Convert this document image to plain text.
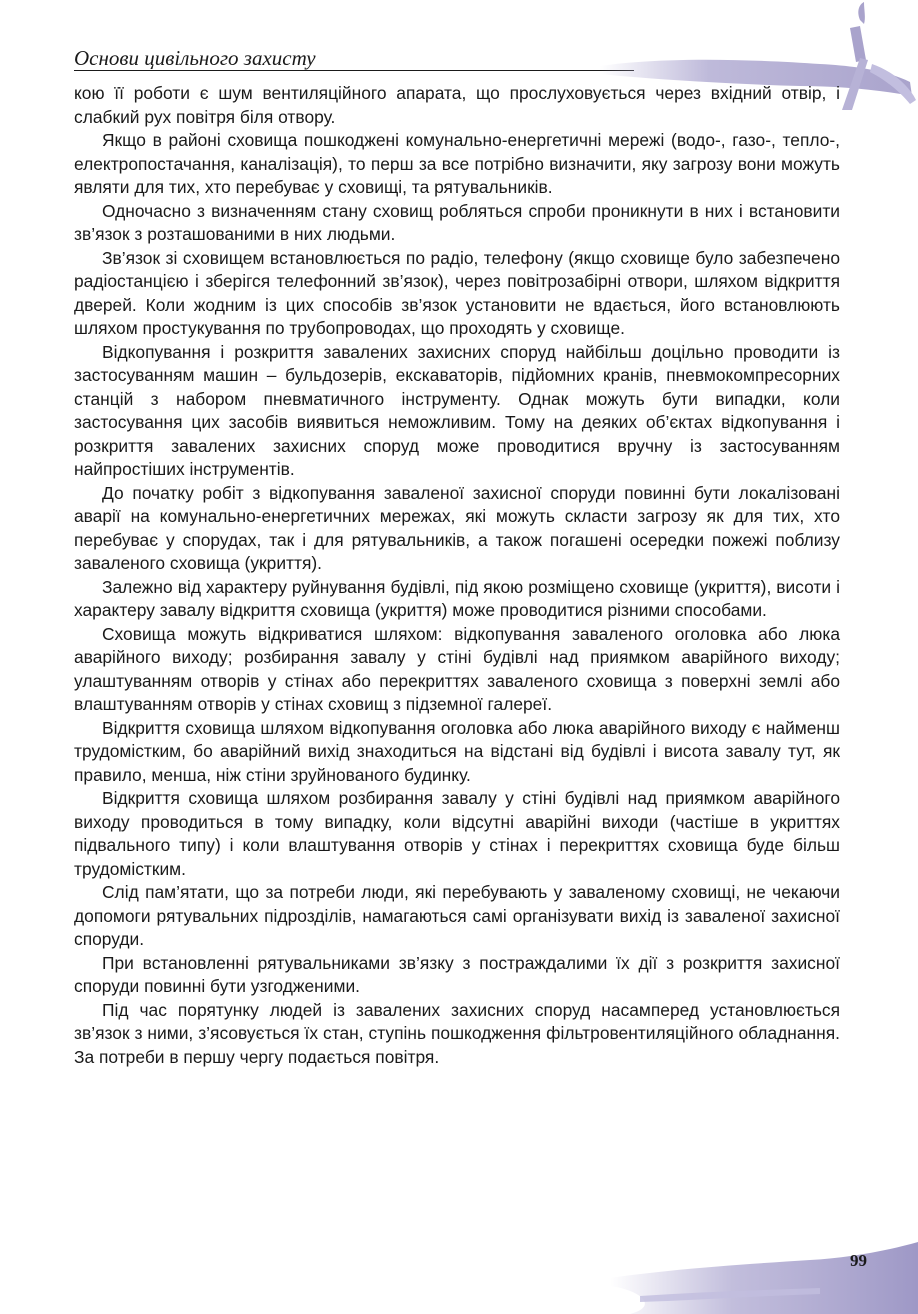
Основи цивільного захисту

кою її роботи є шум вентиляційного апарата, що прослуховується через вхідний отвір, і слабкий рух повітря біля отвору.

Якщо в районі сховища пошкоджені комунально-енергетичні мережі (водо-, газо-, тепло-, електропостачання, каналізація), то перш за все потрібно визначити, яку загрозу вони можуть являти для тих, хто перебуває у сховищі, та рятувальників.

Одночасно з визначенням стану сховищ робляться спроби проникнути в них і встановити зв’язок з розташованими в них людьми.

Зв’язок зі сховищем встановлюється по радіо, телефону (якщо сховище було забезпечено радіостанцією і зберігся телефонний зв’язок), через повітрозабірні отвори, шляхом відкриття дверей. Коли жодним із цих способів зв’язок установити не вдається, його встановлюють шляхом простукування по трубопроводах, що проходять у сховище.

Відкопування і розкриття завалених захисних споруд найбільш доцільно проводити із застосуванням машин – бульдозерів, екскаваторів, підйомних кранів, пневмокомпресорних станцій з набором пневматичного інструменту. Однак можуть бути випадки, коли застосування цих засобів виявиться неможливим. Тому на деяких об’єктах відкопування і розкриття завалених захисних споруд може проводитися вручну із застосуванням найпростіших інструментів.

До початку робіт з відкопування заваленої захисної споруди повинні бути локалізовані аварії на комунально-енергетичних мережах, які можуть скласти загрозу як для тих, хто перебуває у спорудах, так і для рятувальників, а також погашені осередки пожежі поблизу заваленого сховища (укриття).

Залежно від характеру руйнування будівлі, під якою розміщено сховище (укриття), висоти і характеру завалу відкриття сховища (укриття) може проводитися різними способами.

Сховища можуть відкриватися шляхом: відкопування заваленого оголовка або люка аварійного виходу; розбирання завалу у стіні будівлі над приямком аварійного виходу; улаштуванням отворів у стінах або перекриттях заваленого сховища з поверхні землі або влаштуванням отворів у стінах сховищ з підземної галереї.

Відкриття сховища шляхом відкопування оголовка або люка аварійного виходу є найменш трудомістким, бо аварійний вихід знаходиться на відстані від будівлі і висота завалу тут, як правило, менша, ніж стіни зруйнованого будинку.

Відкриття сховища шляхом розбирання завалу у стіні будівлі над приямком аварійного виходу проводиться в тому випадку, коли відсутні аварійні виходи (частіше в укриттях підвального типу) і коли влаштування отворів у стінах і перекриттях сховища буде більш трудомістким.

Слід пам’ятати, що за потреби люди, які перебувають у заваленому сховищі, не чекаючи допомоги рятувальних підрозділів, намагаються самі організувати вихід із заваленої захисної споруди.

При встановленні рятувальниками зв’язку з постраждалими їх дії з розкриття захисної споруди повинні бути узгодженими.

Під час порятунку людей із завалених захисних споруд насамперед установлюється зв’язок з ними, з’ясовується їх стан, ступінь пошкодження фільтровентиляційного обладнання. За потреби в першу чергу подається повітря.

99
